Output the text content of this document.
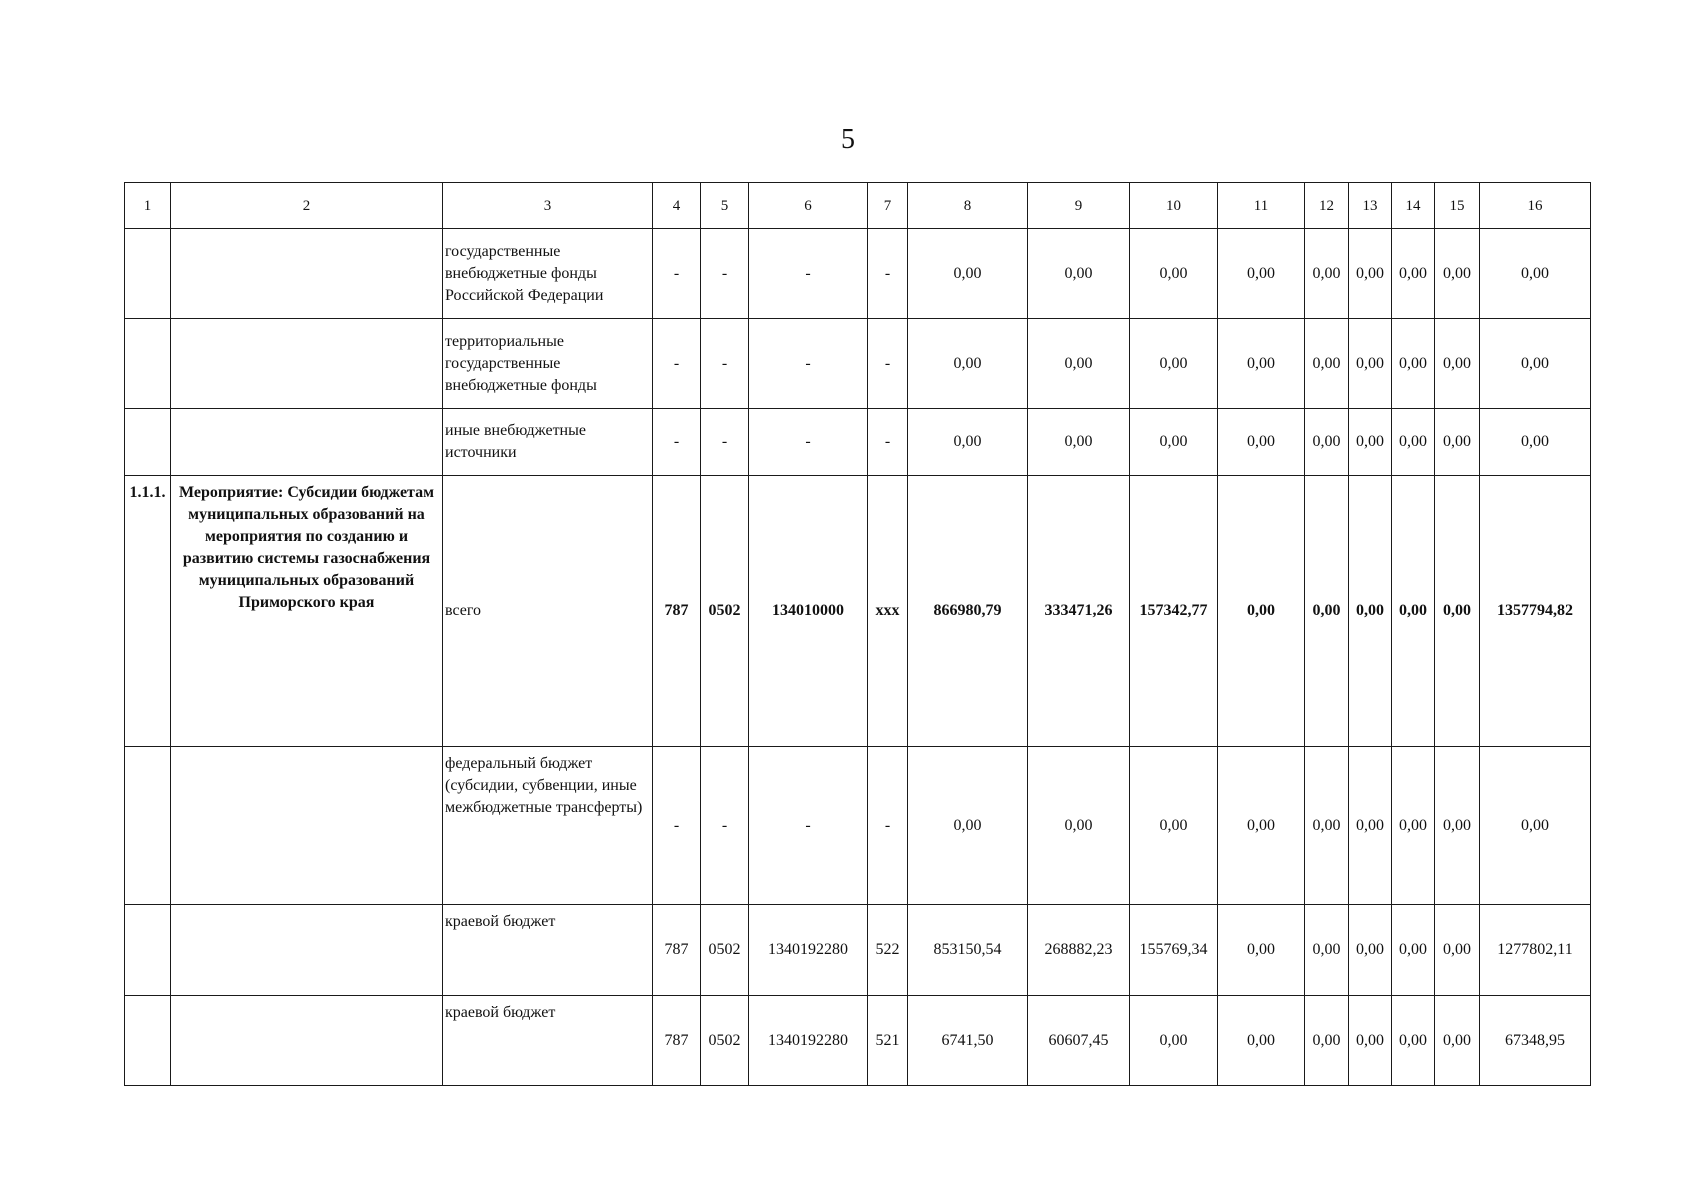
5
1	2	3	4	5	6	7	8	9	10	11	12	13	14	15	16
		государственные внебюджетные фонды Российской Федерации	-	-	-	-	0,00	0,00	0,00	0,00	0,00	0,00	0,00	0,00	0,00
		территориальные государственные внебюджетные фонды	-	-	-	-	0,00	0,00	0,00	0,00	0,00	0,00	0,00	0,00	0,00
		иные внебюджетные источники	-	-	-	-	0,00	0,00	0,00	0,00	0,00	0,00	0,00	0,00	0,00
1.1.1.	Мероприятие: Субсидии бюджетам муниципальных образований на мероприятия по созданию и развитию системы газоснабжения муниципальных образований Приморского края	всего	787	0502	134010000	ххх	866980,79	333471,26	157342,77	0,00	0,00	0,00	0,00	0,00	1357794,82
		федеральный бюджет (субсидии, субвенции, иные межбюджетные трансферты)	-	-	-	-	0,00	0,00	0,00	0,00	0,00	0,00	0,00	0,00	0,00
		краевой бюджет	787	0502	1340192280	522	853150,54	268882,23	155769,34	0,00	0,00	0,00	0,00	0,00	1277802,11
		краевой бюджет	787	0502	1340192280	521	6741,50	60607,45	0,00	0,00	0,00	0,00	0,00	0,00	67348,95
